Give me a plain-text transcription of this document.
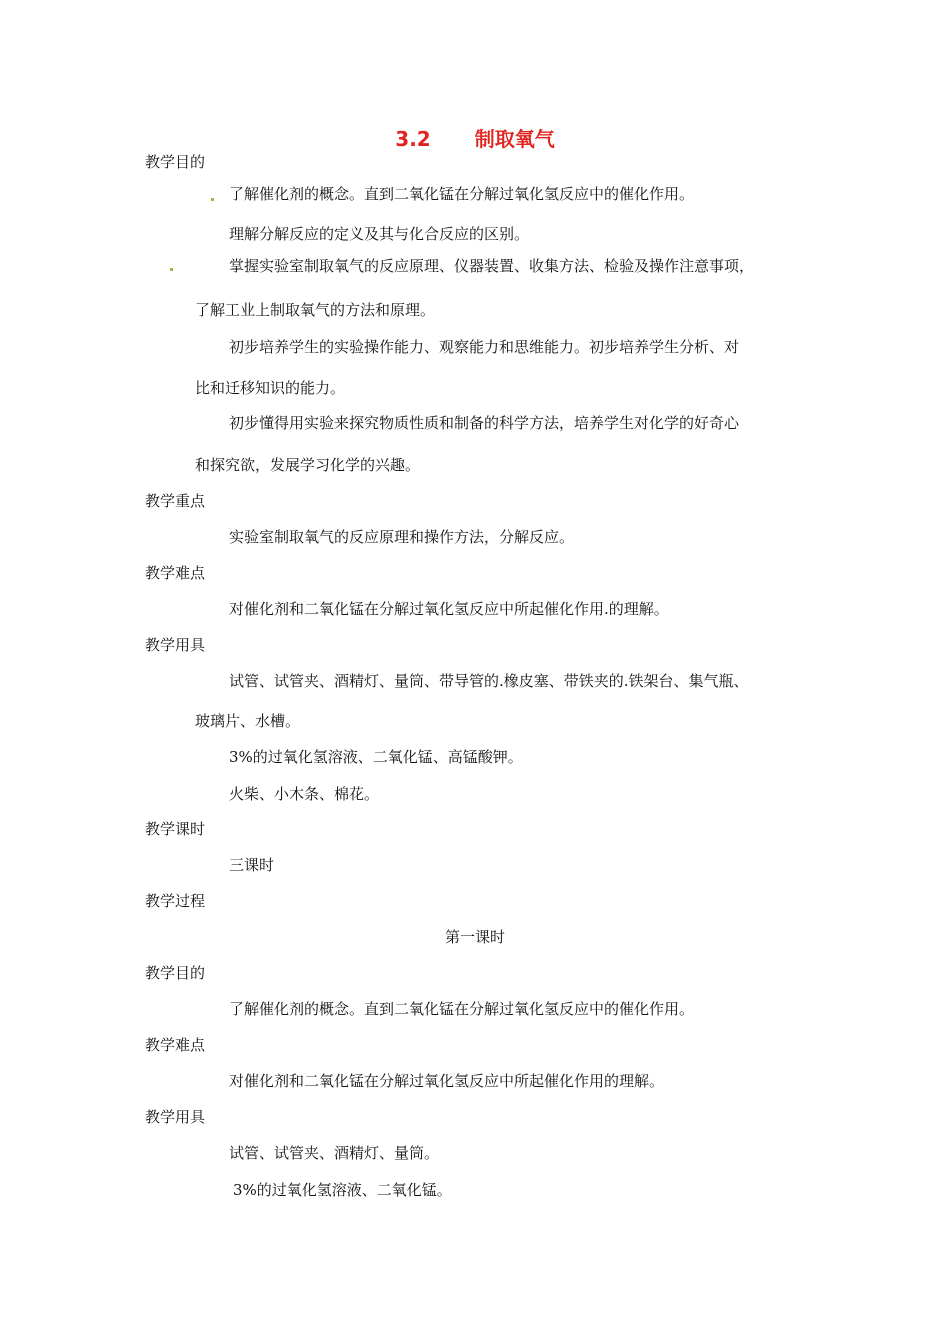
3.2 制取氧气
教学目的
了解催化剂的概念。直到二氧化锰在分解过氧化氢反应中的催化作用。
理解分解反应的定义及其与化合反应的区别。
掌握实验室制取氧气的反应原理、仪器装置、收集方法、检验及操作注意事项，
了解工业上制取氧气的方法和原理。
初步培养学生的实验操作能力、观察能力和思维能力。初步培养学生分析、对
比和迁移知识的能力。
初步懂得用实验来探究物质性质和制备的科学方法，培养学生对化学的好奇心
和探究欲，发展学习化学的兴趣。
教学重点
实验室制取氧气的反应原理和操作方法，分解反应。
教学难点
对催化剂和二氧化锰在分解过氧化氢反应中所起催化作用.的理解。
教学用具
试管、试管夹、酒精灯、量筒、带导管的.橡皮塞、带铁夹的.铁架台、集气瓶、
玻璃片、水槽。
3%的过氧化氢溶液、二氧化锰、高锰酸钾。
火柴、小木条、棉花。
教学课时
三课时
教学过程
第一课时
教学目的
了解催化剂的概念。直到二氧化锰在分解过氧化氢反应中的催化作用。
教学难点
对催化剂和二氧化锰在分解过氧化氢反应中所起催化作用的理解。
教学用具
试管、试管夹、酒精灯、量筒。
3%的过氧化氢溶液、二氧化锰。
